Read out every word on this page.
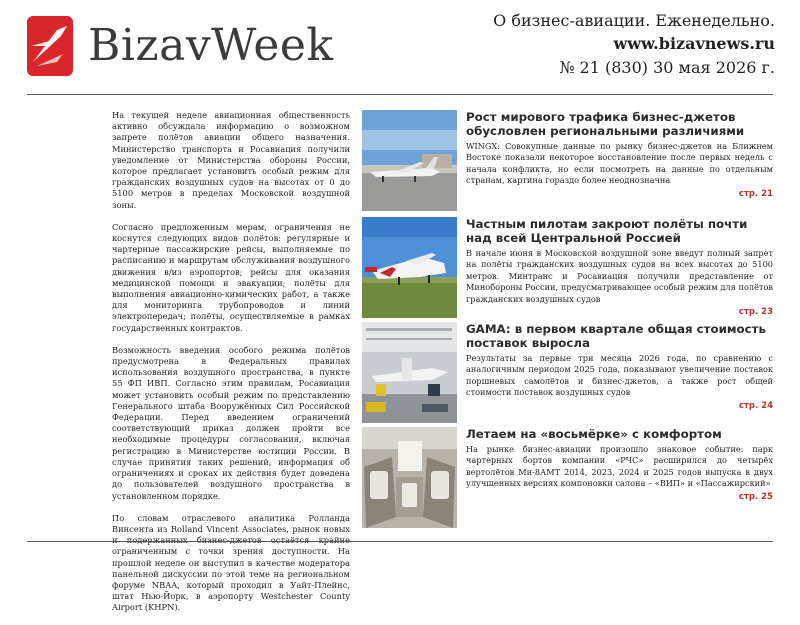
BizavWeek	О бизнес-авиации. Еженедельно.
www.bizavnews.ru
№ 21 (830) 30 мая 2026 г.

На текущей неделе авиационная общественность активно обсуждала информацию о возможном запрете полётов авиации общего назначения. Министерство транспорта и Росавиация получили уведомление от Министерства обороны России, которое предлагает установить особый режим для гражданских воздушных судов на высотах от 0 до 5100 метров в пределах Московской воздушной зоны.

Согласно предложенным мерам, ограничения не коснутся следующих видов полётов: регулярные и чартерные пассажирские рейсы, выполняемые по расписанию и маршрутам обслуживания воздушного движения в/из аэропортов; рейсы для оказания медицинской помощи и эвакуации; полёты для выполнения авиационно-химических работ, а также для мониторинга трубопроводов и линий электропередач; полёты, осуществляемые в рамках государственных контрактов.

Возможность введения особого режима полётов предусмотрена в Федеральных правилах использования воздушного пространства, в пункте 55 ФП ИВП. Согласно этим правилам, Росавиация может установить особый режим по представлению Генерального штаба Вооружённых Сил Российской Федерации. Перед введением ограничений соответствующий приказ должен пройти все необходимые процедуры согласования, включая регистрацию в Министерстве юстиции России. В случае принятия таких решений, информация об ограничениях и сроках их действия будет доведена до пользователей воздушного пространства в установленном порядке.

По словам отраслевого аналитика Ролланда Винсента из Rolland Vincent Associates, рынок новых ограниченным с точки зрения доступности. На прошлой неделе он выступил в качестве модератора панельной дискуссии по этой теме на региональном форуме NBAA, который проходил в Уайт-Плейнс, штат Нью-Йорк, в аэропорту Westchester County Airport (KHPN).

Рост мирового трафика бизнес-джетов обусловлен региональными различиями
WINGX: Совокупные данные по рынку бизнес-джетов на Ближнем Востоке показали некоторое восстановление после первых недель с начала конфликта, но если посмотреть на данные по отдельным странам, картина гораздо более неоднозначна
стр. 21
Частным пилотам закроют полёты почти над всей Центральной Россией
В начале июня в Московской воздушной зоне введут полный запрет на полёты гражданских воздушных судов на всех высотах до 5100 метров. Минтранс и Росавиация получили представление от Минобороны России, предусматривающее особый режим для полётов гражданских воздушных судов
стр. 23
GAMA: в первом квартале общая стоимость поставок выросла
Результаты за первые три месяца 2026 года, по сравнению с аналогичным периодом 2025 года, показывают увеличение поставок поршневых самолётов и бизнес-джетов, а также рост общей стоимости поставок воздушных судов
стр. 24
Летаем на «восьмёрке» с комфортом
На рынке бизнес-авиации произошло знаковое событие: парк чартерных бортов компании «РЧС» расширился до четырёх вертолётов Ми-8АМТ 2014, 2023, 2024 и 2025 годов выпуска в двух улучшенных версиях компоновки салона – «ВИП» и «Пассажирский»
стр. 25
